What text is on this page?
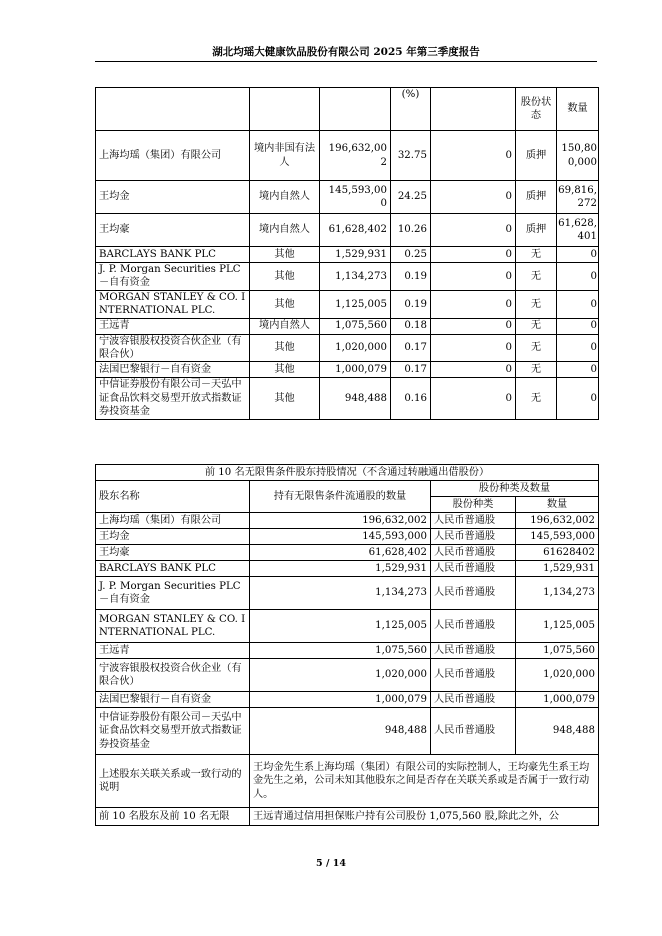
湖北均瑶大健康饮品股份有限公司 2025 年第三季度报告
			(%)		股份状态	数量
上海均瑶（集团）有限公司	境内非国有法人	196,632,002	32.75	0	质押	150,800,000
王均金	境内自然人	145,593,000	24.25	0	质押	69,816,272
王均豪	境内自然人	61,628,402	10.26	0	质押	61,628,401
BARCLAYS BANK PLC	其他	1,529,931	0.25	0	无	0
J. P. Morgan Securities PLC－自有资金	其他	1,134,273	0.19	0	无	0
MORGAN STANLEY & CO. INTERNATIONAL PLC.	其他	1,125,005	0.19	0	无	0
王远青	境内自然人	1,075,560	0.18	0	无	0
宁波容银股权投资合伙企业（有限合伙）	其他	1,020,000	0.17	0	无	0
法国巴黎银行－自有资金	其他	1,000,079	0.17	0	无	0
中信证券股份有限公司－天弘中证食品饮料交易型开放式指数证券投资基金	其他	948,488	0.16	0	无	0
前 10 名无限售条件股东持股情况（不含通过转融通出借股份）			
股东名称	持有无限售条件流通股的数量	股份种类及数量	
		股份种类	数量
上海均瑶（集团）有限公司	196,632,002	人民币普通股	196,632,002
王均金	145,593,000	人民币普通股	145,593,000
王均豪	61,628,402	人民币普通股	61628402
BARCLAYS BANK PLC	1,529,931	人民币普通股	1,529,931
J. P. Morgan Securities PLC－自有资金	1,134,273	人民币普通股	1,134,273
MORGAN STANLEY & CO. INTERNATIONAL PLC.	1,125,005	人民币普通股	1,125,005
王远青	1,075,560	人民币普通股	1,075,560
宁波容银股权投资合伙企业（有限合伙）	1,020,000	人民币普通股	1,020,000
法国巴黎银行－自有资金	1,000,079	人民币普通股	1,000,079
中信证券股份有限公司－天弘中证食品饮料交易型开放式指数证券投资基金	948,488	人民币普通股	948,488
上述股东关联关系或一致行动的说明	王均金先生系上海均瑶（集团）有限公司的实际控制人，王均豪先生系王均金先生之弟，公司未知其他股东之间是否存在关联关系或是否属于一致行动人。		
前 10 名股东及前 10 名无限	王远青通过信用担保账户持有公司股份 1,075,560 股,除此之外，公		
5 / 14
